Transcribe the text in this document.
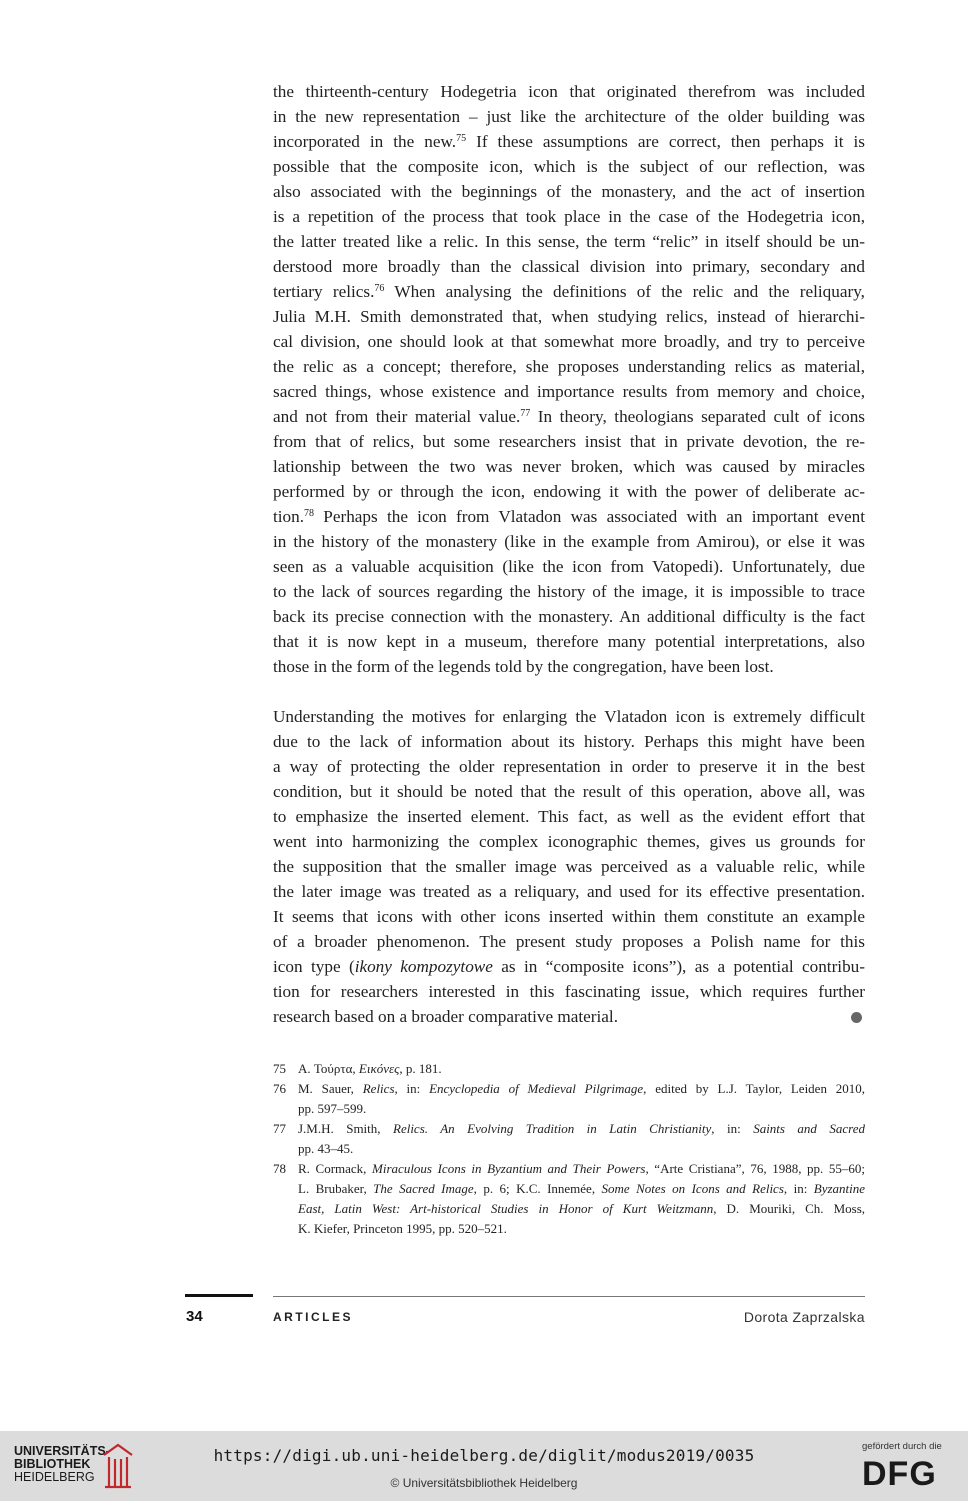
the thirteenth-century Hodegetria icon that originated therefrom was included
in the new representation – just like the architecture of the older building was
incorporated in the new.$^{75}$ If these assumptions are correct, then perhaps it is
possible that the composite icon, which is the subject of our reflection, was
also associated with the beginnings of the monastery, and the act of insertion
is a repetition of the process that took place in the case of the Hodegetria icon,
the latter treated like a relic. In this sense, the term “relic” in itself should be un-
derstood more broadly than the classical division into primary, secondary and
tertiary relics.$^{76}$ When analysing the definitions of the relic and the reliquary,
Julia M.H. Smith demonstrated that, when studying relics, instead of hierarchi-
cal division, one should look at that somewhat more broadly, and try to perceive
the relic as a concept; therefore, she proposes understanding relics as material,
sacred things, whose existence and importance results from memory and choice,
and not from their material value.$^{77}$ In theory, theologians separated cult of icons
from that of relics, but some researchers insist that in private devotion, the re-
lationship between the two was never broken, which was caused by miracles
performed by or through the icon, endowing it with the power of deliberate ac-
tion.$^{78}$ Perhaps the icon from Vlatadon was associated with an important event
in the history of the monastery (like in the example from Amirou), or else it was
seen as a valuable acquisition (like the icon from Vatopedi). Unfortunately, due
to the lack of sources regarding the history of the image, it is impossible to trace
back its precise connection with the monastery. An additional difficulty is the fact
that it is now kept in a museum, therefore many potential interpretations, also
those in the form of the legends told by the congregation, have been lost.
Understanding the motives for enlarging the Vlatadon icon is extremely difficult
due to the lack of information about its history. Perhaps this might have been
a way of protecting the older representation in order to preserve it in the best
condition, but it should be noted that the result of this operation, above all, was
to emphasize the inserted element. This fact, as well as the evident effort that
went into harmonizing the complex iconographic themes, gives us grounds for
the supposition that the smaller image was perceived as a valuable relic, while
the later image was treated as a reliquary, and used for its effective presentation.
It seems that icons with other icons inserted within them constitute an example
of a broader phenomenon. The present study proposes a Polish name for this
icon type (ikony kompozytowe as in “composite icons”), as a potential contribu-
tion for researchers interested in this fascinating issue, which requires further
research based on a broader comparative material.
75 A. Τούρτα, Εικόνες, p. 181.
76 M. Sauer, Relics, in: Encyclopedia of Medieval Pilgrimage, edited by L.J. Taylor, Leiden 2010,
pp. 597–599.
77 J.M.H. Smith, Relics. An Evolving Tradition in Latin Christianity, in: Saints and Sacred
pp. 43–45.
78 R. Cormack, Miraculous Icons in Byzantium and Their Powers, “Arte Cristiana”, 76, 1988, pp. 55–60;
L. Brubaker, The Sacred Image, p. 6; K.C. Innemée, Some Notes on Icons and Relics, in: Byzantine
East, Latin West: Art-historical Studies in Honor of Kurt Weitzmann, D. Mouriki, Ch. Moss,
K. Kiefer, Princeton 1995, pp. 520–521.
34	ARTICLES	Dorota Zaprzalska
UNIVERSITÄTS-
BIBLIOTHEK
HEIDELBERG
https://digi.ub.uni-heidelberg.de/diglit/modus2019/0035
© Universitätsbibliothek Heidelberg
gefördert durch die
DFG
